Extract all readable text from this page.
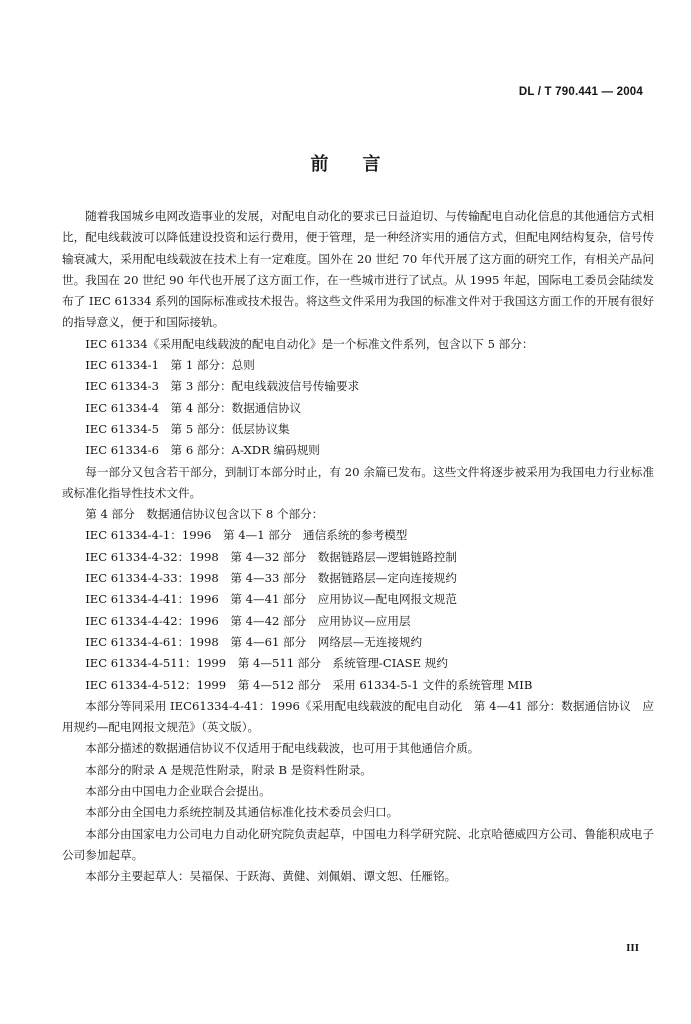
DL / T 790.441 — 2004
前言

随着我国城乡电网改造事业的发展，对配电自动化的要求已日益迫切、与传输配电自动化信息的其他通信方式相比，配电线载波可以降低建设投资和运行费用，便于管理，是一种经济实用的通信方式，但配电网结构复杂，信号传输衰减大，采用配电线载波在技术上有一定难度。国外在 20 世纪 70 年代开展了这方面的研究工作，有相关产品问世。我国在 20 世纪 90 年代也开展了这方面工作，在一些城市进行了试点。从 1995 年起，国际电工委员会陆续发布了 IEC 61334 系列的国际标准或技术报告。将这些文件采用为我国的标准文件对于我国这方面工作的开展有很好的指导意义，便于和国际接轨。

IEC 61334《采用配电线载波的配电自动化》是一个标准文件系列，包含以下 5 部分：

IEC 61334-1　第 1 部分：总则
IEC 61334-3　第 3 部分：配电线载波信号传输要求
IEC 61334-4　第 4 部分：数据通信协议
IEC 61334-5　第 5 部分：低层协议集
IEC 61334-6　第 6 部分：A-XDR 编码规则

每一部分又包含若干部分，到制订本部分时止，有 20 余篇已发布。这些文件将逐步被采用为我国电力行业标准或标准化指导性技术文件。

第 4 部分　数据通信协议包含以下 8 个部分：

IEC 61334-4-1：1996　第 4—1 部分　通信系统的参考模型
IEC 61334-4-32：1998　第 4—32 部分　数据链路层—逻辑链路控制
IEC 61334-4-33：1998　第 4—33 部分　数据链路层—定向连接规约
IEC 61334-4-41：1996　第 4—41 部分　应用协议—配电网报文规范
IEC 61334-4-42：1996　第 4—42 部分　应用协议—应用层
IEC 61334-4-61：1998　第 4—61 部分　网络层—无连接规约
IEC 61334-4-511：1999　第 4—511 部分　系统管理-CIASE 规约
IEC 61334-4-512：1999　第 4—512 部分　采用 61334-5-1 文件的系统管理 MIB

本部分等同采用 IEC61334-4-41：1996《采用配电线载波的配电自动化　第 4—41 部分：数据通信协议　应用规约—配电网报文规范》（英文版）。

本部分描述的数据通信协议不仅适用于配电线载波，也可用于其他通信介质。

本部分的附录 A 是规范性附录，附录 B 是资料性附录。

本部分由中国电力企业联合会提出。

本部分由全国电力系统控制及其通信标准化技术委员会归口。

本部分由国家电力公司电力自动化研究院负责起草，中国电力科学研究院、北京哈德威四方公司、鲁能积成电子公司参加起草。

本部分主要起草人：吴福保、于跃海、黄健、刘佩娟、谭文恕、任雁铭。

III
